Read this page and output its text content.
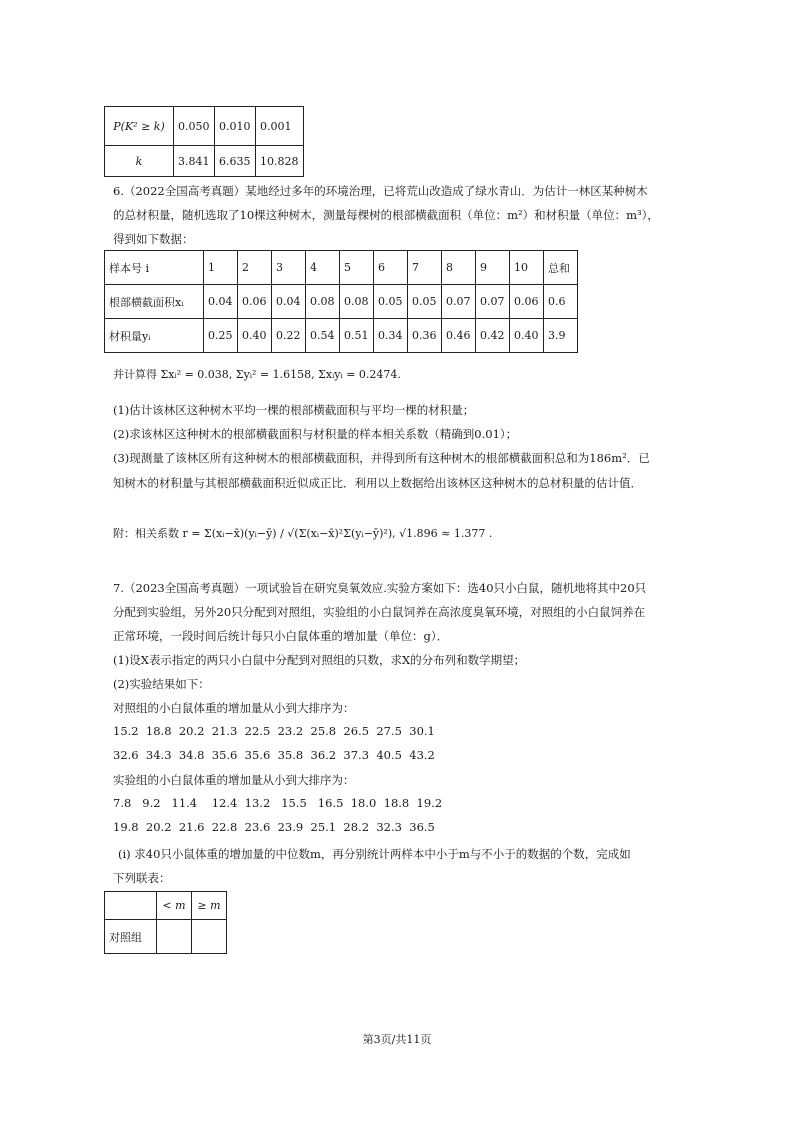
P(K² ≥ k)	0.050	0.010	0.001
k	3.841	6.635	10.828
6.（2022全国高考真题）某地经过多年的环境治理，已将荒山改造成了绿水青山．为估计一林区某种树木
的总材积量，随机选取了10棵这种树木，测量每棵树的根部横截面积（单位：m²）和材积量（单位：m³），
得到如下数据：
样本号 i	1	2	3	4	5	6	7	8	9	10	总和
根部横截面积xᵢ	0.04	0.06	0.04	0.08	0.08	0.05	0.05	0.07	0.07	0.06	0.6
材积量yᵢ	0.25	0.40	0.22	0.54	0.51	0.34	0.36	0.46	0.42	0.40	3.9
并计算得 Σxᵢ² = 0.038, Σyᵢ² = 1.6158, Σxᵢyᵢ = 0.2474.
(1)估计该林区这种树木平均一棵的根部横截面积与平均一棵的材积量；
(2)求该林区这种树木的根部横截面积与材积量的样本相关系数（精确到0.01）；
(3)现测量了该林区所有这种树木的根部横截面积，并得到所有这种树木的根部横截面积总和为186m²．已
知树木的材积量与其根部横截面积近似成正比．利用以上数据给出该林区这种树木的总材积量的估计值．
附：相关系数 r = Σ(xᵢ−x̄)(yᵢ−ȳ) / √(Σ(xᵢ−x̄)²Σ(yᵢ−ȳ)²), √1.896 ≈ 1.377 .
7.（2023全国高考真题）一项试验旨在研究臭氧效应.实验方案如下：选40只小白鼠，随机地将其中20只
分配到实验组，另外20只分配到对照组，实验组的小白鼠饲养在高浓度臭氧环境，对照组的小白鼠饲养在
正常环境，一段时间后统计每只小白鼠体重的增加量（单位：g）．
(1)设X表示指定的两只小白鼠中分配到对照组的只数，求X的分布列和数学期望；
(2)实验结果如下：
对照组的小白鼠体重的增加量从小到大排序为：
15.2  18.8  20.2  21.3  22.5  23.2  25.8  26.5  27.5  30.1
32.6  34.3  34.8  35.6  35.6  35.8  36.2  37.3  40.5  43.2
实验组的小白鼠体重的增加量从小到大排序为：
7.8   9.2   11.4    12.4  13.2   15.5   16.5  18.0  18.8  19.2
19.8  20.2  21.6  22.8  23.6  23.9  25.1  28.2  32.3  36.5
(i) 求40只小鼠体重的增加量的中位数m，再分别统计两样本中小于m与不小于的数据的个数，完成如
下列联表：
	< m	≥ m
对照组		
第3页/共11页
